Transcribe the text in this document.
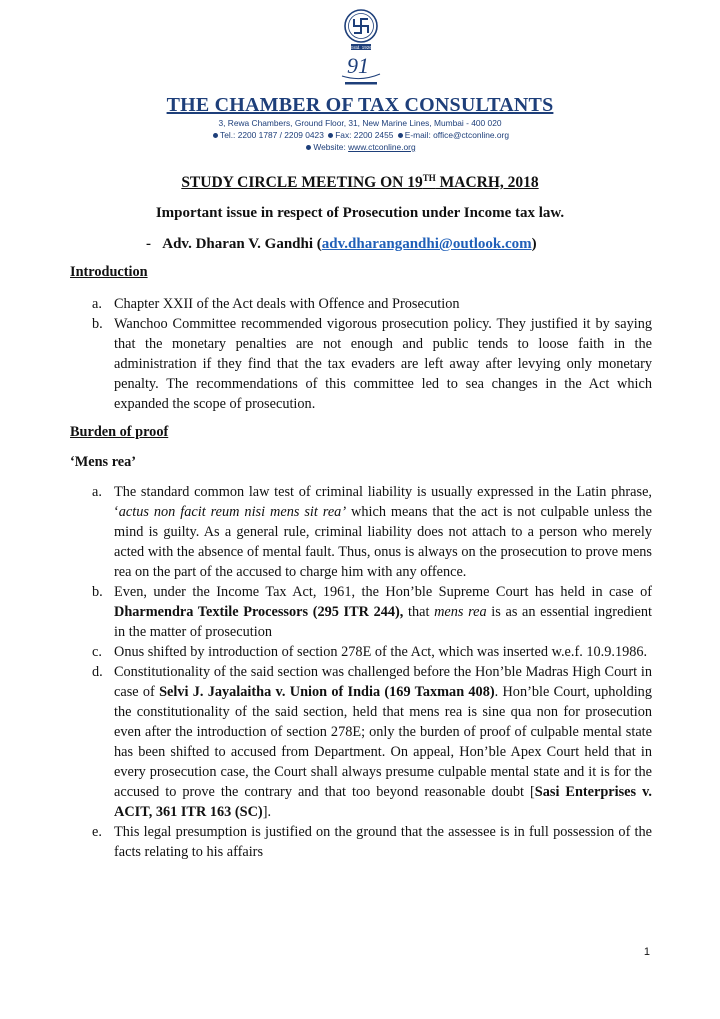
Estd. 1926
91
THE CHAMBER OF TAX CONSULTANTS
3, Rewa Chambers, Ground Floor, 31, New Marine Lines, Mumbai - 400 020
Tel.: 2200 1787 / 2209 0423 Fax: 2200 2455 E-mail: office@ctconline.org
Website: www.ctconline.org
STUDY CIRCLE MEETING ON 19TH MACRH, 2018
Important issue in respect of Prosecution under Income tax law.
- Adv. Dharan V. Gandhi (adv.dharangandhi@outlook.com)
Introduction
a. Chapter XXII of the Act deals with Offence and Prosecution
b. Wanchoo Committee recommended vigorous prosecution policy. They justified it by saying that the monetary penalties are not enough and public tends to loose faith in the administration if they find that the tax evaders are left away after levying only monetary penalty. The recommendations of this committee led to sea changes in the Act which expanded the scope of prosecution.
Burden of proof
‘Mens rea’
a. The standard common law test of criminal liability is usually expressed in the Latin phrase, ‘actus non facit reum nisi mens sit rea’ which means that the act is not culpable unless the mind is guilty. As a general rule, criminal liability does not attach to a person who merely acted with the absence of mental fault. Thus, onus is always on the prosecution to prove mens rea on the part of the accused to charge him with any offence.
b. Even, under the Income Tax Act, 1961, the Hon’ble Supreme Court has held in case of Dharmendra Textile Processors (295 ITR 244), that mens rea is as an essential ingredient in the matter of prosecution
c. Onus shifted by introduction of section 278E of the Act, which was inserted w.e.f. 10.9.1986.
d. Constitutionality of the said section was challenged before the Hon’ble Madras High Court in case of Selvi J. Jayalaitha v. Union of India (169 Taxman 408). Hon’ble Court, upholding the constitutionality of the said section, held that mens rea is sine qua non for prosecution even after the introduction of section 278E; only the burden of proof of culpable mental state has been shifted to accused from Department. On appeal, Hon’ble Apex Court held that in every prosecution case, the Court shall always presume culpable mental state and it is for the accused to prove the contrary and that too beyond reasonable doubt [Sasi Enterprises v. ACIT, 361 ITR 163 (SC)].
e. This legal presumption is justified on the ground that the assessee is in full possession of the facts relating to his affairs
1
